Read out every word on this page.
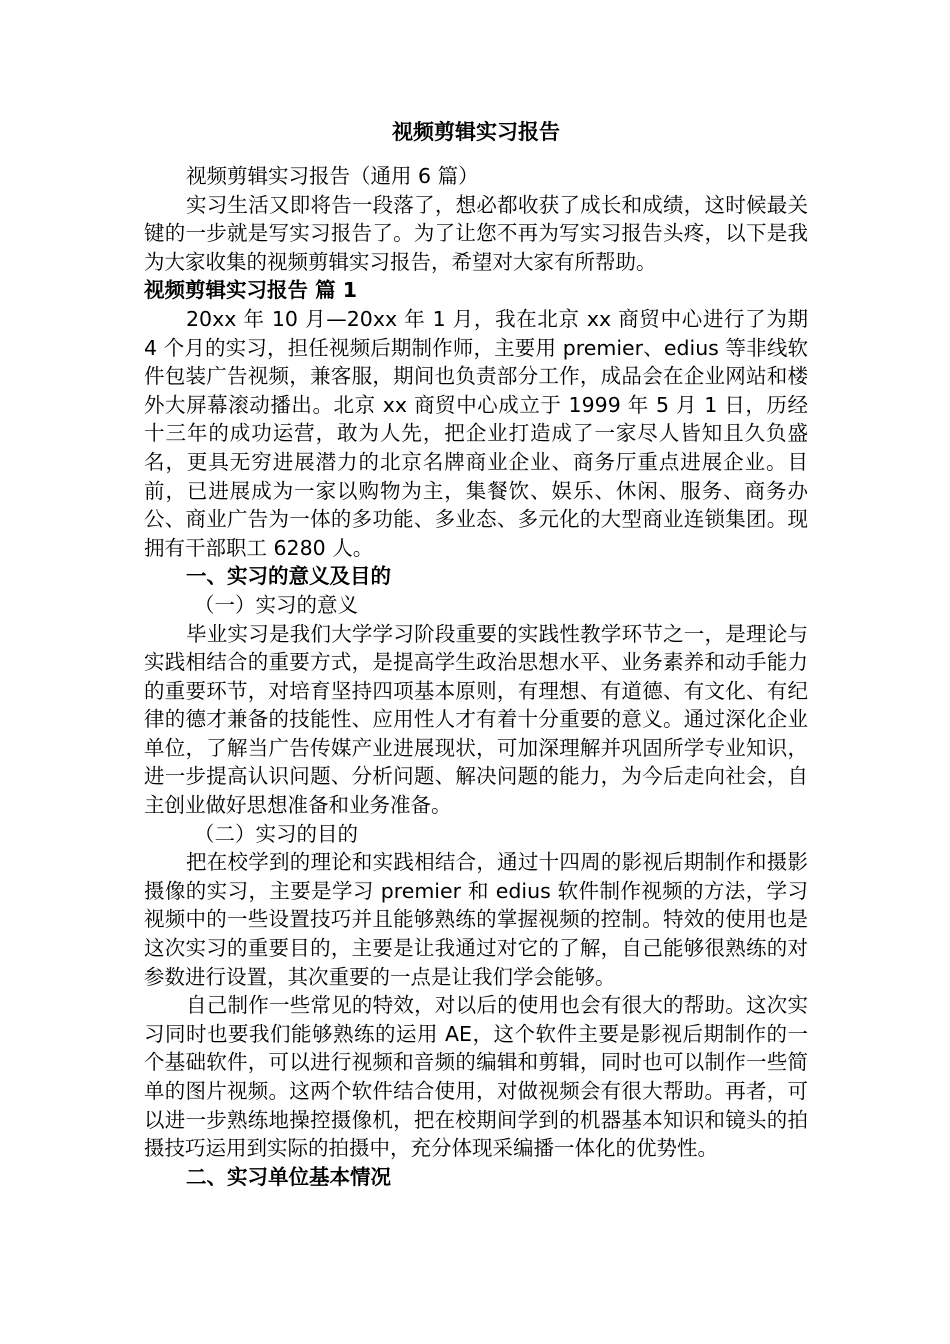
视频剪辑实习报告

视频剪辑实习报告（通用 6 篇）

实习生活又即将告一段落了，想必都收获了成长和成绩，这时候最关键的一步就是写实习报告了。为了让您不再为写实习报告头疼，以下是我为大家收集的视频剪辑实习报告，希望对大家有所帮助。

视频剪辑实习报告 篇 1

20xx 年 10 月—20xx 年 1 月，我在北京 xx 商贸中心进行了为期 4 个月的实习，担任视频后期制作师，主要用 premier、edius 等非线软件包装广告视频，兼客服，期间也负责部分工作，成品会在企业网站和楼外大屏幕滚动播出。北京 xx 商贸中心成立于 1999 年 5 月 1 日，历经十三年的成功运营，敢为人先，把企业打造成了一家尽人皆知且久负盛名，更具无穷进展潜力的北京名牌商业企业、商务厅重点进展企业。目前，已进展成为一家以购物为主，集餐饮、娱乐、休闲、服务、商务办公、商业广告为一体的多功能、多业态、多元化的大型商业连锁集团。现拥有干部职工 6280 人。

一、实习的意义及目的

（一）实习的意义

毕业实习是我们大学学习阶段重要的实践性教学环节之一，是理论与实践相结合的重要方式，是提高学生政治思想水平、业务素养和动手能力的重要环节，对培育坚持四项基本原则，有理想、有道德、有文化、有纪律的德才兼备的技能性、应用性人才有着十分重要的意义。通过深化企业单位，了解当广告传媒产业进展现状，可加深理解并巩固所学专业知识，进一步提高认识问题、分析问题、解决问题的能力，为今后走向社会，自主创业做好思想准备和业务准备。

（二）实习的目的

把在校学到的理论和实践相结合，通过十四周的影视后期制作和摄影摄像的实习，主要是学习 premier 和 edius 软件制作视频的方法，学习视频中的一些设置技巧并且能够熟练的掌握视频的控制。特效的使用也是这次实习的重要目的，主要是让我通过对它的了解，自己能够很熟练的对参数进行设置，其次重要的一点是让我们学会能够。

自己制作一些常见的特效，对以后的使用也会有很大的帮助。这次实习同时也要我们能够熟练的运用 AE，这个软件主要是影视后期制作的一个基础软件，可以进行视频和音频的编辑和剪辑，同时也可以制作一些简单的图片视频。这两个软件结合使用，对做视频会有很大帮助。再者，可以进一步熟练地操控摄像机，把在校期间学到的机器基本知识和镜头的拍摄技巧运用到实际的拍摄中，充分体现采编播一体化的优势性。

二、实习单位基本情况
